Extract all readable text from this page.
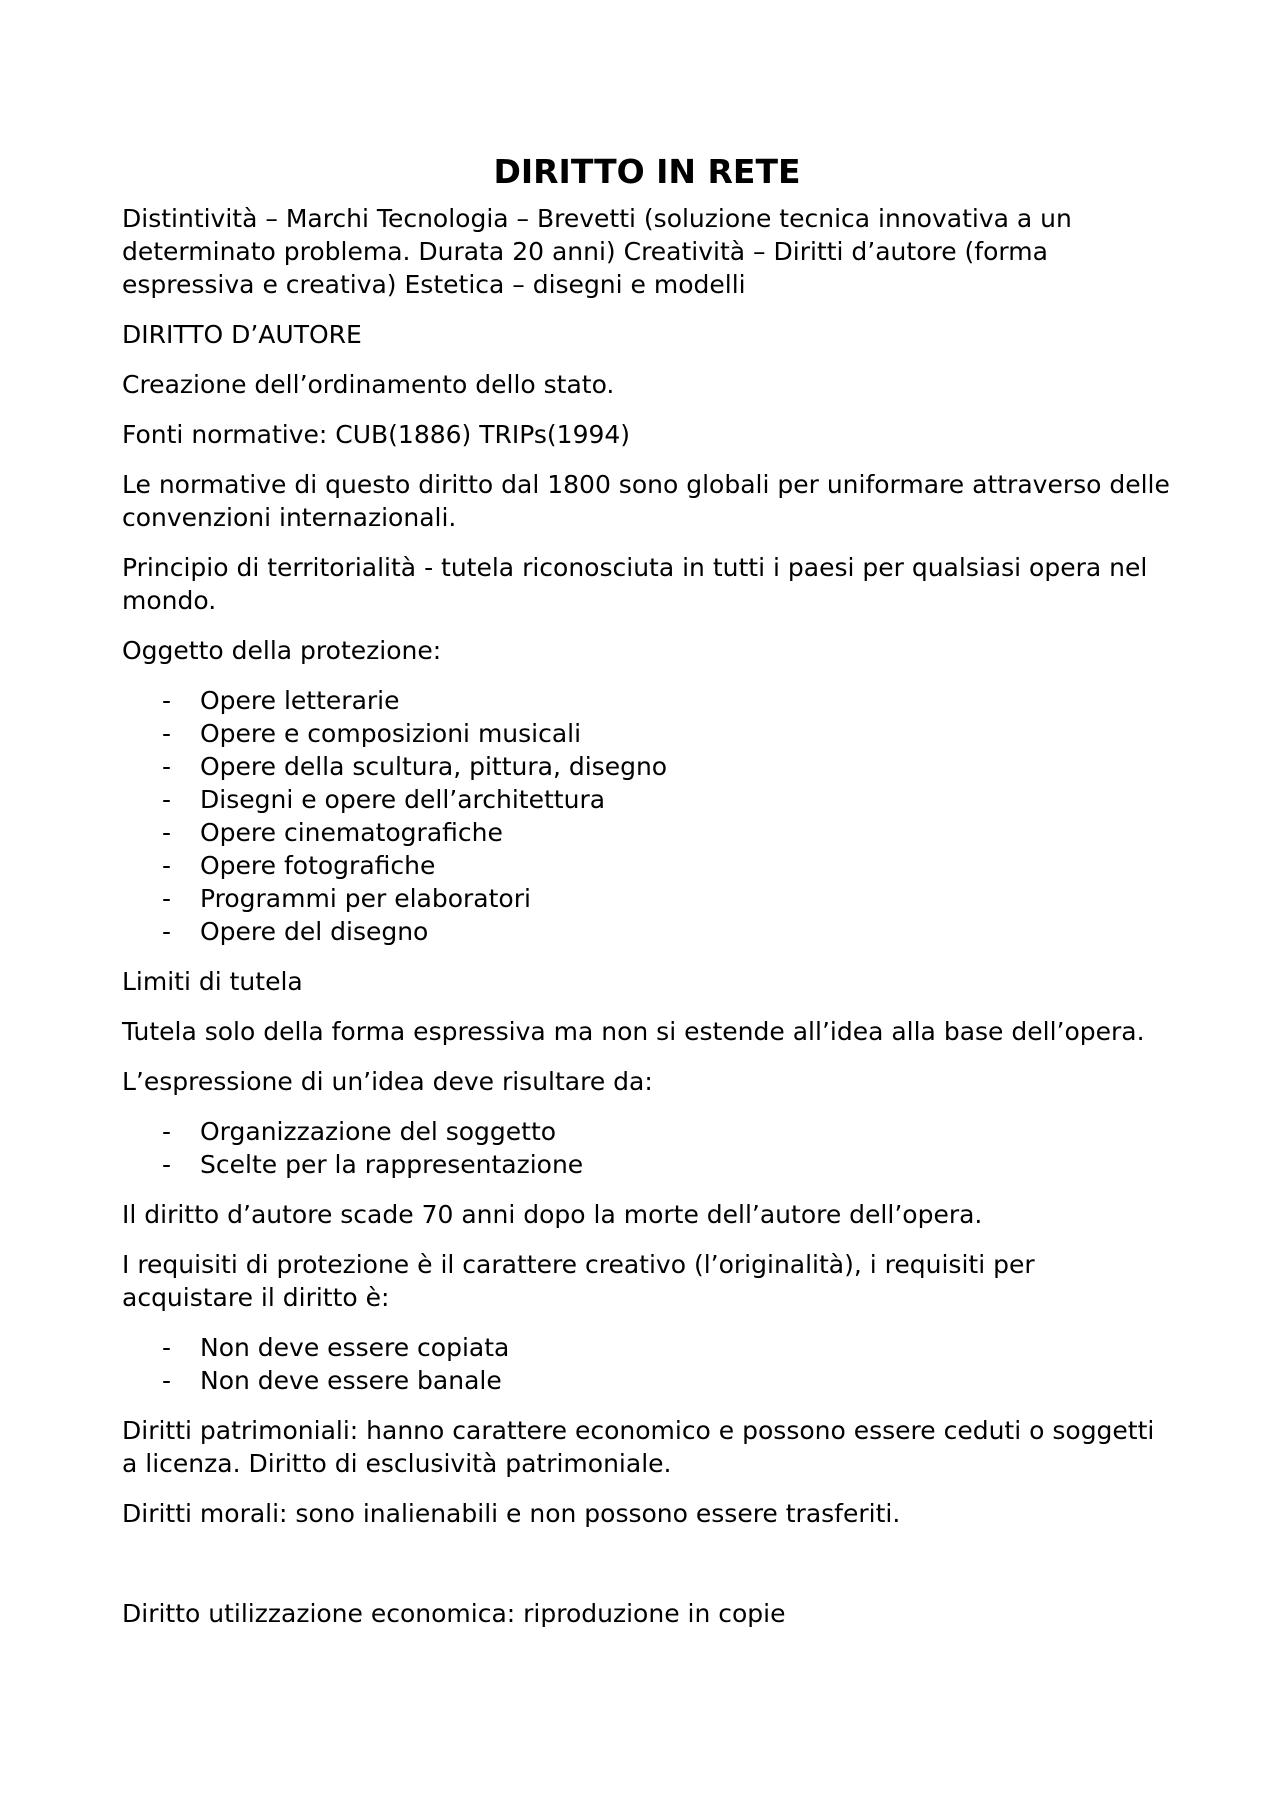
DIRITTO IN RETE

Distintività – Marchi Tecnologia – Brevetti (soluzione tecnica innovativa a un determinato problema. Durata 20 anni) Creatività – Diritti d’autore (forma espressiva e creativa) Estetica – disegni e modelli

DIRITTO D’AUTORE

Creazione dell’ordinamento dello stato.

Fonti normative: CUB(1886) TRIPs(1994)

Le normative di questo diritto dal 1800 sono globali per uniformare attraverso delle convenzioni internazionali.

Principio di territorialità - tutela riconosciuta in tutti i paesi per qualsiasi opera nel mondo.

Oggetto della protezione:

- Opere letterarie
- Opere e composizioni musicali
- Opere della scultura, pittura, disegno
- Disegni e opere dell’architettura
- Opere cinematografiche
- Opere fotografiche
- Programmi per elaboratori
- Opere del disegno

Limiti di tutela

Tutela solo della forma espressiva ma non si estende all’idea alla base dell’opera.

L’espressione di un’idea deve risultare da:

- Organizzazione del soggetto
- Scelte per la rappresentazione

Il diritto d’autore scade 70 anni dopo la morte dell’autore dell’opera.

I requisiti di protezione è il carattere creativo (l’originalità), i requisiti per acquistare il diritto è:

- Non deve essere copiata
- Non deve essere banale

Diritti patrimoniali: hanno carattere economico e possono essere ceduti o soggetti a licenza. Diritto di esclusività patrimoniale.

Diritti morali: sono inalienabili e non possono essere trasferiti.

Diritto utilizzazione economica: riproduzione in copie
